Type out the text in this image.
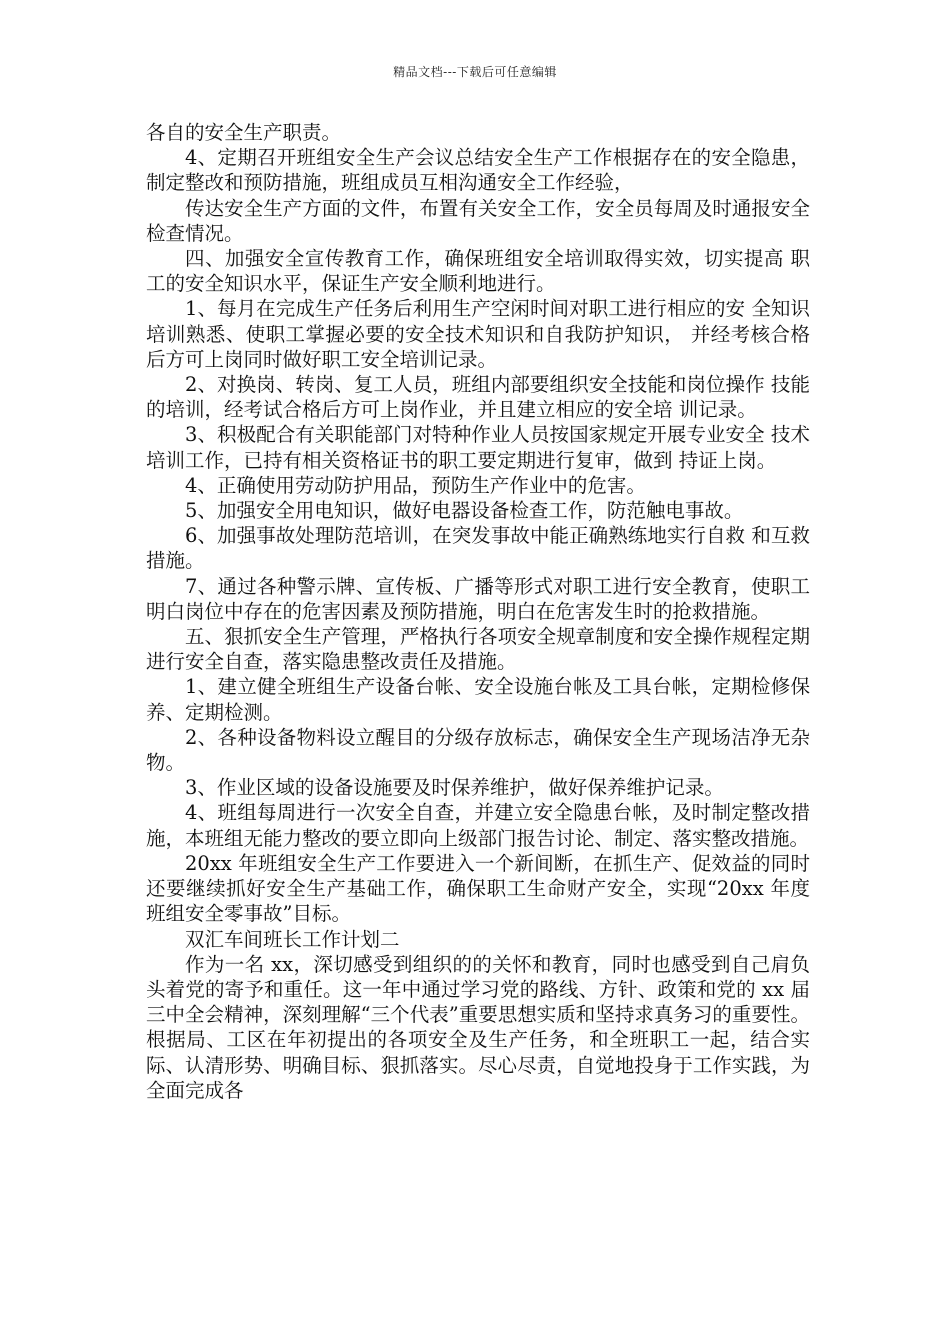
精品文档---下载后可任意编辑

各自的安全生产职责。

4、定期召开班组安全生产会议总结安全生产工作根据存在的安全隐患，制定整改和预防措施，班组成员互相沟通安全工作经验，

传达安全生产方面的文件，布置有关安全工作，安全员每周及时通报安全检查情况。

四、加强安全宣传教育工作，确保班组安全培训取得实效，切实提高 职工的安全知识水平，保证生产安全顺利地进行。

1、每月在完成生产任务后利用生产空闲时间对职工进行相应的安 全知识培训熟悉、使职工掌握必要的安全技术知识和自我防护知识， 并经考核合格后方可上岗同时做好职工安全培训记录。

2、对换岗、转岗、复工人员，班组内部要组织安全技能和岗位操作 技能的培训，经考试合格后方可上岗作业，并且建立相应的安全培 训记录。

3、积极配合有关职能部门对特种作业人员按国家规定开展专业安全 技术培训工作，已持有相关资格证书的职工要定期进行复审，做到 持证上岗。

4、正确使用劳动防护用品，预防生产作业中的危害。

5、加强安全用电知识，做好电器设备检查工作，防范触电事故。

6、加强事故处理防范培训，在突发事故中能正确熟练地实行自救 和互救措施。

7、通过各种警示牌、宣传板、广播等形式对职工进行安全教育，使职工明白岗位中存在的危害因素及预防措施，明白在危害发生时的抢救措施。

五、狠抓安全生产管理，严格执行各项安全规章制度和安全操作规程定期进行安全自查，落实隐患整改责任及措施。

1、建立健全班组生产设备台帐、安全设施台帐及工具台帐，定期检修保养、定期检测。

2、各种设备物料设立醒目的分级存放标志，确保安全生产现场洁净无杂物。

3、作业区域的设备设施要及时保养维护，做好保养维护记录。

4、班组每周进行一次安全自查，并建立安全隐患台帐，及时制定整改措施，本班组无能力整改的要立即向上级部门报告讨论、制定、落实整改措施。

20xx 年班组安全生产工作要进入一个新间断，在抓生产、促效益的同时还要继续抓好安全生产基础工作，确保职工生命财产安全，实现“20xx 年度班组安全零事故”目标。

双汇车间班长工作计划二

作为一名 xx，深切感受到组织的的关怀和教育，同时也感受到自己肩负头着党的寄予和重任。这一年中通过学习党的路线、方针、政策和党的 xx 届三中全会精神，深刻理解“三个代表”重要思想实质和坚持求真务习的重要性。根据局、工区在年初提出的各项安全及生产任务，和全班职工一起，结合实际、认清形势、明确目标、狠抓落实。尽心尽责，自觉地投身于工作实践，为全面完成各
